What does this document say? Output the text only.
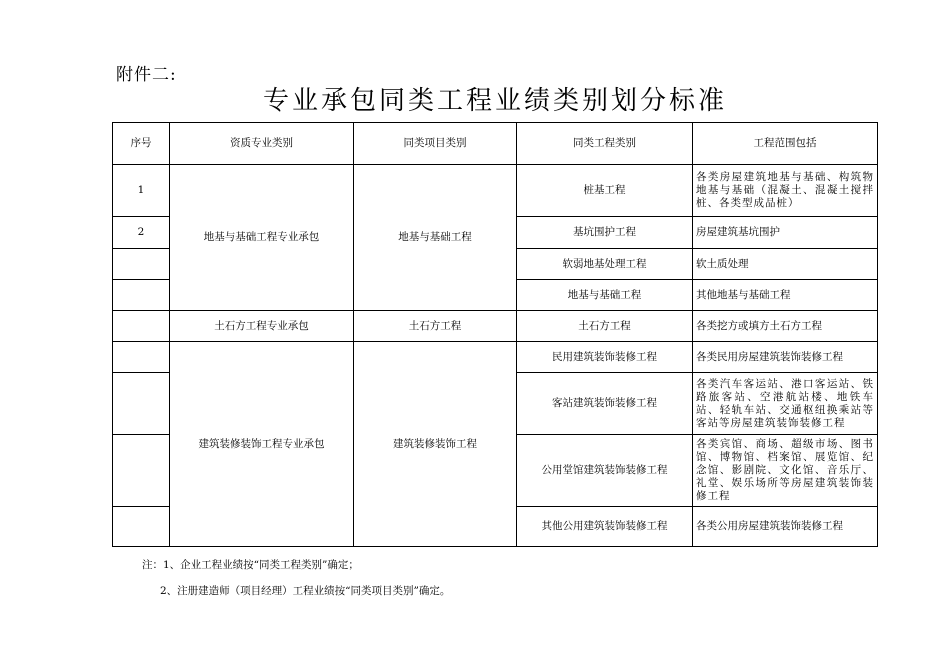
附件二:
专业承包同类工程业绩类别划分标准
序号	资质专业类别	同类项目类别	同类工程类别	工程范围包括
1	地基与基础工程专业承包	地基与基础工程	桩基工程	各类房屋建筑地基与基础、构筑物地基与基础（混凝土、混凝土搅拌桩、各类型成品桩）
2			基坑围护工程	房屋建筑基坑围护
			软弱地基处理工程	软土质处理
			地基与基础工程	其他地基与基础工程
	土石方工程专业承包	土石方工程	土石方工程	各类挖方或填方土石方工程
	建筑装修装饰工程专业承包	建筑装修装饰工程	民用建筑装饰装修工程	各类民用房屋建筑装饰装修工程
			客站建筑装饰装修工程	各类汽车客运站、港口客运站、铁路旅客站、空港航站楼、地铁车站、轻轨车站、交通枢纽换乘站等客站等房屋建筑装饰装修工程
			公用堂馆建筑装饰装修工程	各类宾馆、商场、超级市场、图书馆、博物馆、档案馆、展览馆、纪念馆、影剧院、文化馆、音乐厅、礼堂、娱乐场所等房屋建筑装饰装修工程
			其他公用建筑装饰装修工程	各类公用房屋建筑装饰装修工程
注：1、企业工程业绩按“同类工程类别”确定；
2、注册建造师（项目经理）工程业绩按“同类项目类别”确定。
